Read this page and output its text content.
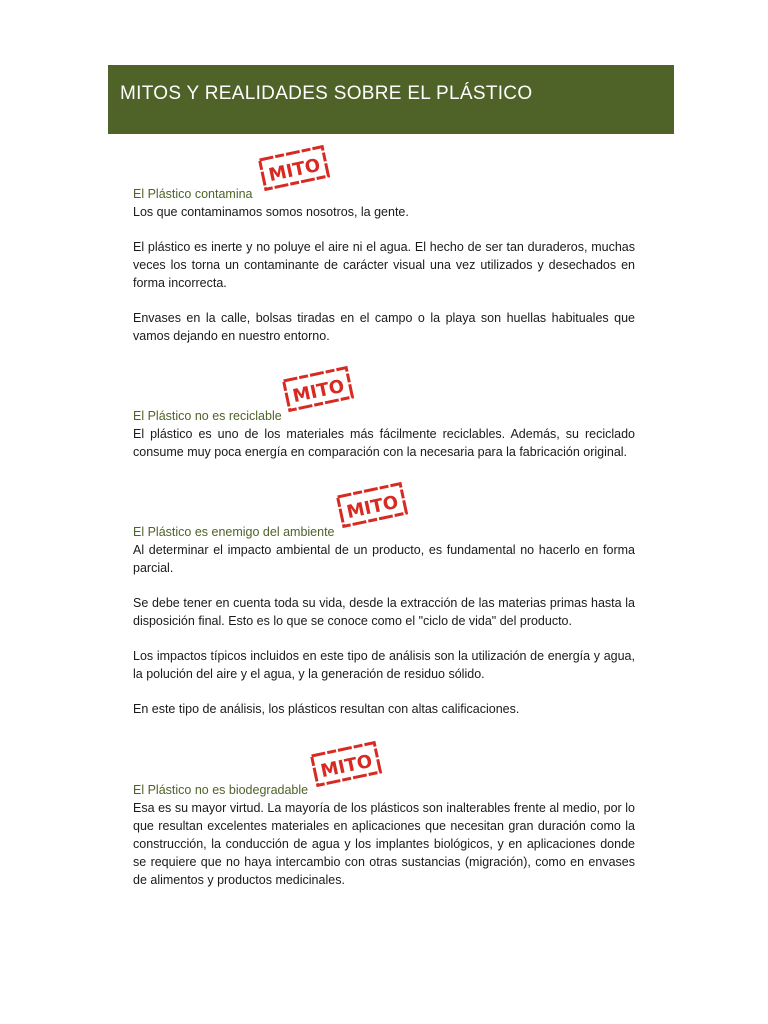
MITOS Y REALIDADES SOBRE EL PLÁSTICO
MITO
El Plástico contamina

Los que contaminamos somos nosotros, la gente.

El plástico es inerte y no poluye el aire ni el agua. El hecho de ser tan duraderos, muchas veces los torna un contaminante de carácter visual una vez utilizados y desechados en forma incorrecta.

Envases en la calle, bolsas tiradas en el campo o la playa son huellas habituales que vamos dejando en nuestro entorno.

MITO
El Plástico no es reciclable

El plástico es uno de los materiales más fácilmente reciclables. Además, su reciclado consume muy poca energía en comparación con la necesaria para la fabricación original.

MITO
El Plástico es enemigo del ambiente

Al determinar el impacto ambiental de un producto, es fundamental no hacerlo en forma parcial.

Se debe tener en cuenta toda su vida, desde la extracción de las materias primas hasta la disposición final. Esto es lo que se conoce como el "ciclo de vida" del producto.

Los impactos típicos incluidos en este tipo de análisis son la utilización de energía y agua, la polución del aire y el agua, y la generación de residuo sólido.

En este tipo de análisis, los plásticos resultan con altas calificaciones.

MITO
El Plástico no es biodegradable

Esa es su mayor virtud. La mayoría de los plásticos son inalterables frente al medio, por lo que resultan excelentes materiales en aplicaciones que necesitan gran duración como la construcción, la conducción de agua y los implantes biológicos, y en aplicaciones donde se requiere que no haya intercambio con otras sustancias (migración), como en envases de alimentos y productos medicinales.
